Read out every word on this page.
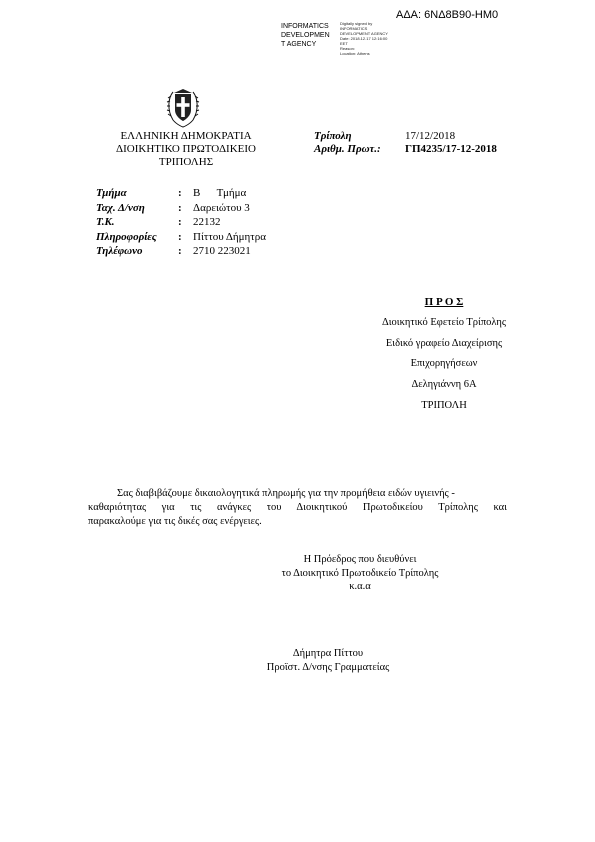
ΑΔΑ: 6ΝΔ8Β90-ΗΜ0
INFORMATICS
DEVELOPMEN
T AGENCY
Digitally signed by
INFORMATICS
DEVELOPMENT AGENCY
Date: 2018.12.17 12:16:00
EET
Reason:
Location: Athens
ΕΛΛΗΝΙΚΗ ΔΗΜΟΚΡΑΤΙΑ
ΔΙΟΙΚΗΤΙΚΟ ΠΡΩΤΟΔΙΚΕΙΟ
ΤΡΙΠΟΛΗΣ
Τρίπολη	17/12/2018
Αριθμ. Πρωτ.: ΓΠ4235/17-12-2018
Τμήμα	:	Β      Τμήμα
Ταχ. Δ/νση	:	Δαρειώτου 3
Τ.Κ.	:	22132
Πληροφορίες	:	Πίττου Δήμητρα
Τηλέφωνο	:	2710 223021
Π Ρ Ο Σ
Διοικητικό Εφετείο Τρίπολης
Ειδικό γραφείο Διαχείρισης
Επιχορηγήσεων
Δεληγιάννη 6Α
ΤΡΙΠΟΛΗ
Σας διαβιβάζουμε δικαιολογητικά πληρωμής για την προμήθεια ειδών υγιεινής -
καθαριότητας για τις ανάγκες του Διοικητικού Πρωτοδικείου Τρίπολης και
παρακαλούμε για τις δικές σας ενέργειες.
Η Πρόεδρος που διευθύνει
το Διοικητικό Πρωτοδικείο Τρίπολης
κ.α.α
Δήμητρα Πίττου
Προϊστ. Δ/νσης Γραμματείας
